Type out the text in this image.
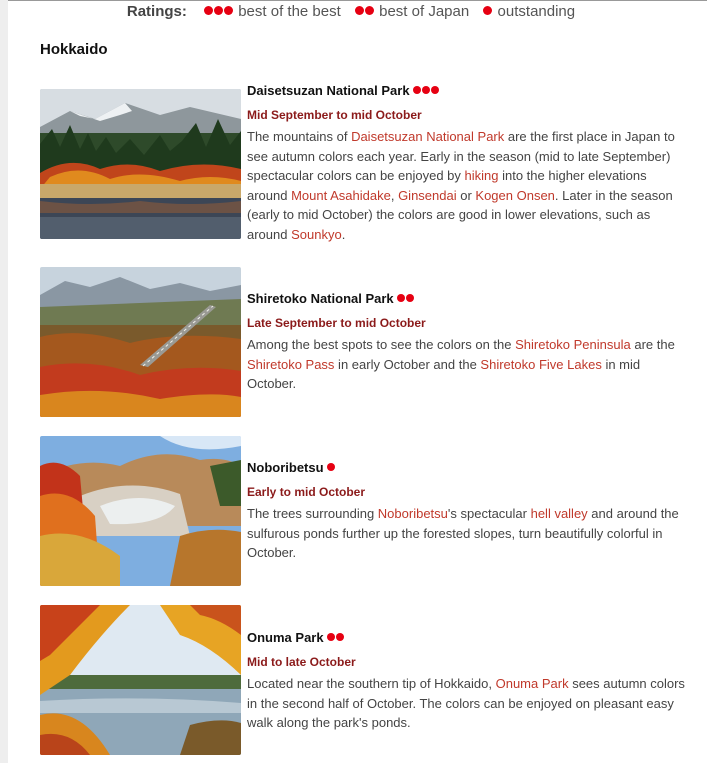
Ratings:	best of the best	best of Japan outstanding
Hokkaido
Daisetsuzan National Park
Mid September to mid October
The mountains of Daisetsuzan National Park are the first place in Japan to see autumn colors each year. Early in the season (mid to late September) spectacular colors can be enjoyed by hiking into the higher elevations around Mount Asahidake, Ginsendai or Kogen Onsen. Later in the season (early to mid October) the colors are good in lower elevations, such as around Sounkyo.
Shiretoko National Park
Late September to mid October
Among the best spots to see the colors on the Shiretoko Peninsula are the Shiretoko Pass in early October and the Shiretoko Five Lakes in mid October.
Noboribetsu
Early to mid October
The trees surrounding Noboribetsu's spectacular hell valley and around the sulfurous ponds further up the forested slopes, turn beautifully colorful in October.
Onuma Park
Mid to late October
Located near the southern tip of Hokkaido, Onuma Park sees autumn colors in the second half of October. The colors can be enjoyed on pleasant easy walk along the park's ponds.
